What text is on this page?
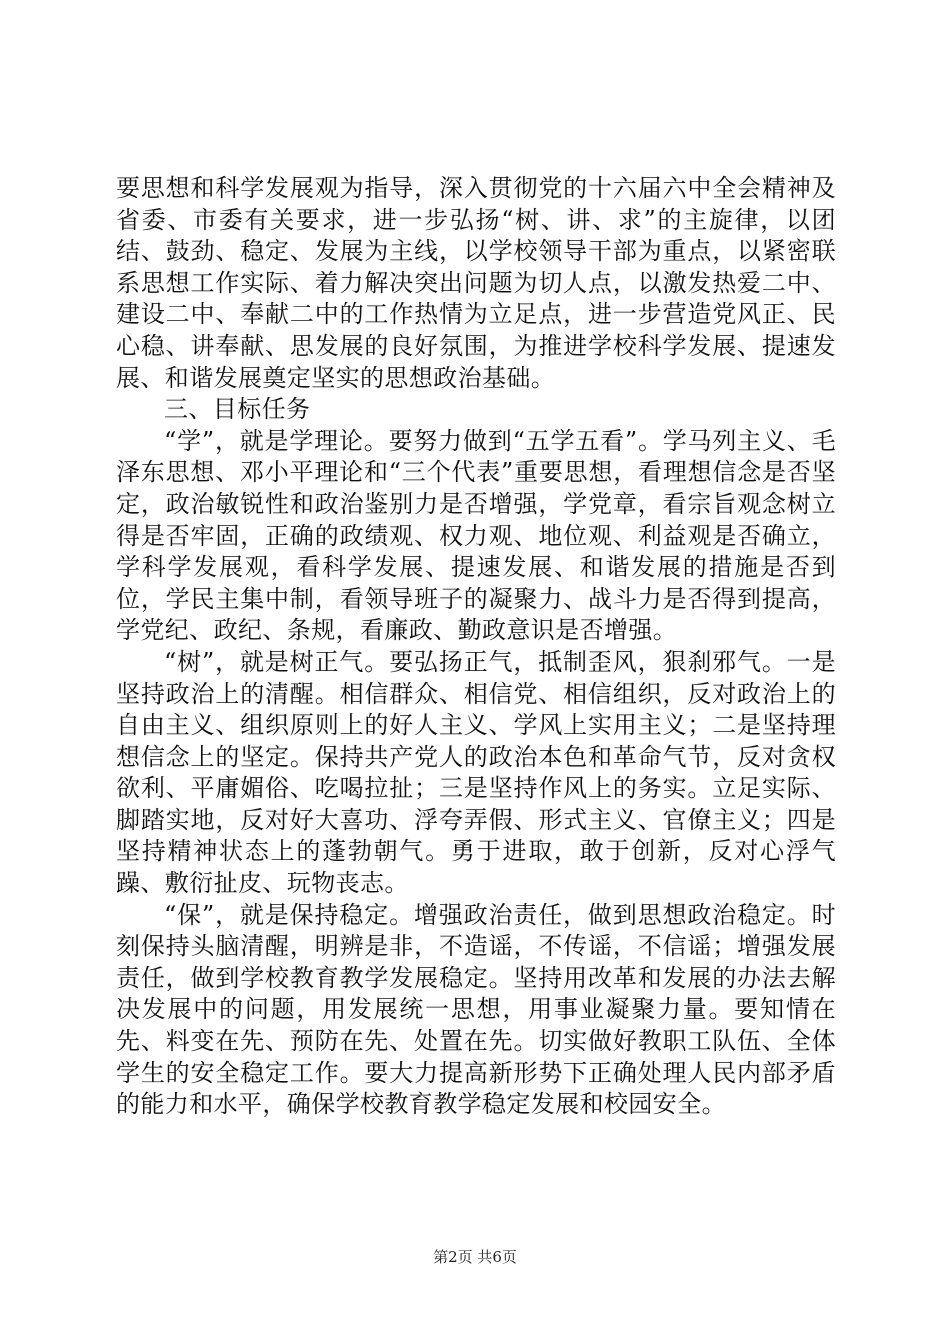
要思想和科学发展观为指导，深入贯彻党的十六届六中全会精神及省委、市委有关要求，进一步弘扬“树、讲、求”的主旋律，以团结、鼓劲、稳定、发展为主线，以学校领导干部为重点，以紧密联系思想工作实际、着力解决突出问题为切人点，以激发热爱二中、建设二中、奉献二中的工作热情为立足点，进一步营造党风正、民心稳、讲奉献、思发展的良好氛围，为推进学校科学发展、提速发展、和谐发展奠定坚实的思想政治基础。

三、目标任务

“学”，就是学理论。要努力做到“五学五看”。学马列主义、毛泽东思想、邓小平理论和“三个代表”重要思想，看理想信念是否坚定，政治敏锐性和政治鉴别力是否增强，学党章，看宗旨观念树立得是否牢固，正确的政绩观、权力观、地位观、利益观是否确立，学科学发展观，看科学发展、提速发展、和谐发展的措施是否到位，学民主集中制，看领导班子的凝聚力、战斗力是否得到提高，学党纪、政纪、条规，看廉政、勤政意识是否增强。

“树”，就是树正气。要弘扬正气，抵制歪风，狠刹邪气。一是坚持政治上的清醒。相信群众、相信党、相信组织，反对政治上的自由主义、组织原则上的好人主义、学风上实用主义；二是坚持理想信念上的坚定。保持共产党人的政治本色和革命气节，反对贪权欲利、平庸媚俗、吃喝拉扯；三是坚持作风上的务实。立足实际、脚踏实地，反对好大喜功、浮夸弄假、形式主义、官僚主义；四是坚持精神状态上的蓬勃朝气。勇于进取，敢于创新，反对心浮气躁、敷衍扯皮、玩物丧志。

“保”，就是保持稳定。增强政治责任，做到思想政治稳定。时刻保持头脑清醒，明辨是非，不造谣，不传谣，不信谣；增强发展责任，做到学校教育教学发展稳定。坚持用改革和发展的办法去解决发展中的问题，用发展统一思想，用事业凝聚力量。要知情在先、料变在先、预防在先、处置在先。切实做好教职工队伍、全体学生的安全稳定工作。要大力提高新形势下正确处理人民内部矛盾的能力和水平，确保学校教育教学稳定发展和校园安全。

第2页 共6页
